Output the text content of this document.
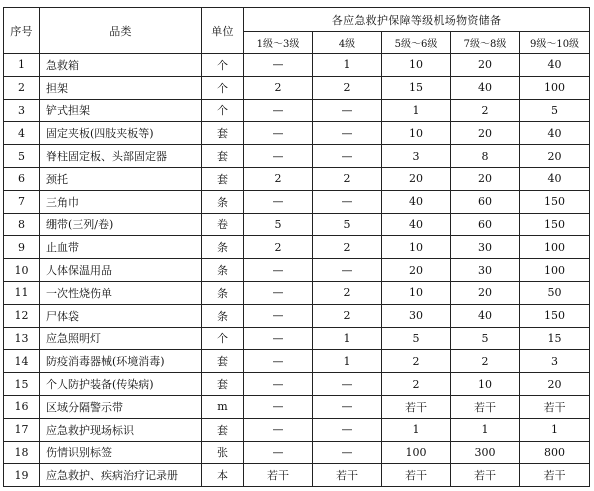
序号	品类	单位	各应急救护保障等级机场物资储备				
			1级～3级	4级	5级～6级	7级～8级	9级～10级
1	急救箱	个	—	1	10	20	40
2	担架	个	2	2	15	40	100
3	铲式担架	个	—	—	1	2	5
4	固定夹板(四肢夹板等)	套	—	—	10	20	40
5	脊柱固定板、头部固定器	套	—	—	3	8	20
6	颈托	套	2	2	20	20	40
7	三角巾	条	—	—	40	60	150
8	绷带(三列/卷)	卷	5	5	40	60	150
9	止血带	条	2	2	10	30	100
10	人体保温用品	条	—	—	20	30	100
11	一次性烧伤单	条	—	2	10	20	50
12	尸体袋	条	—	2	30	40	150
13	应急照明灯	个	—	1	5	5	15
14	防疫消毒器械(环境消毒)	套	—	1	2	2	3
15	个人防护装备(传染病)	套	—	—	2	10	20
16	区域分隔警示带	m	—	—	若干	若干	若干
17	应急救护现场标识	套	—	—	1	1	1
18	伤情识别标签	张	—	—	100	300	800
19	应急救护、疾病治疗记录册	本	若干	若干	若干	若干	若干
